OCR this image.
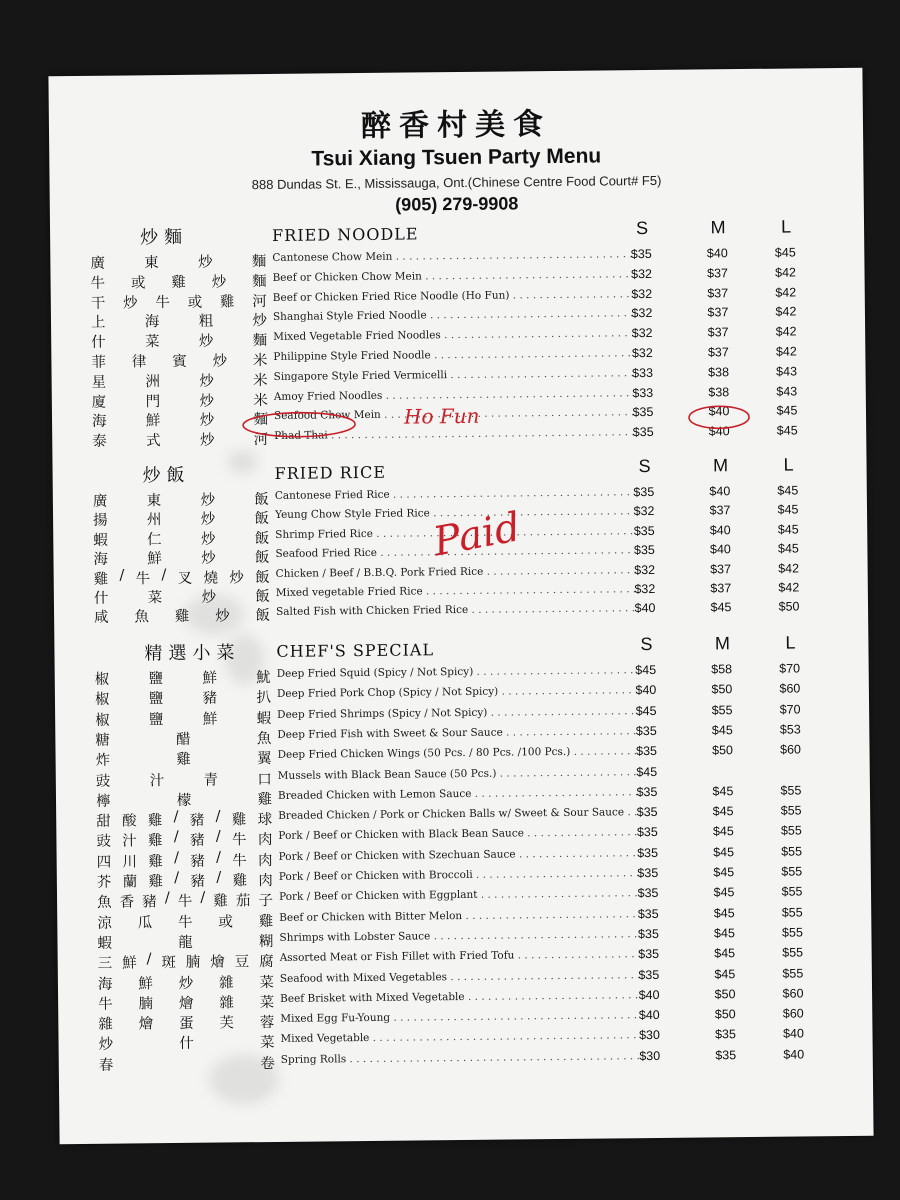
醉香村美食
Tsui Xiang Tsuen Party Menu
888 Dundas St. E., Mississauga, Ont.(Chinese Centre Food Court# F5)
(905) 279-9908
炒麵	FRIED NOODLE	S	M	L
廣	東	炒	麵 Cantonese Chow Mein . . .	$35	$40	$45
牛 或 雞 炒 麵 Beef or Chicken Chow Mein . . .	$32	$37	$42
干 炒 牛 或 雞 河 Beef or Chicken Fried Rice Noodle (Ho Fun) . . .	$32	$37	$42
上	海	粗	炒 Shanghai Style Fried Noodle . . .	$32	$37	$42
什	菜	炒	麵 Mixed Vegetable Fried Noodles . . .	$32	$37	$42
菲 律 賓 炒 米 Philippine Style Fried Noodle . . .	$32	$37	$42
星	洲	炒	米 Singapore Style Fried Vermicelli . . .	$33	$38	$43
廈	門	炒	米 Amoy Fried Noodles . . .	$33	$38	$43
海	鮮	炒	麵 Seafood Chow Mein . . .	$35	$40	$45
泰	式	炒	河 Phad Thai . . .	$35	$40	$45
炒飯	FRIED RICE	S	M	L
廣	東	炒	飯 Cantonese Fried Rice . . .	$35	$40	$45
揚	州	炒	飯 Yeung Chow Style Fried Rice . . .	$32	$37	$45
蝦	仁	炒	飯 Shrimp Fried Rice . . .	$35	$40	$45
海	鮮	炒	飯 Seafood Fried Rice . . .	$35	$40	$45
雞 / 牛 / 叉 燒 炒 飯 Chicken / Beef / B.B.Q. Pork Fried Rice . . .	$32	$37	$42
什	菜	炒	飯 Mixed vegetable Fried Rice . . .	$32	$37	$42
咸 魚 雞 炒 飯 Salted Fish with Chicken Fried Rice . . .	$40	$45	$50
精選小菜 CHEF'S SPECIAL	S	M	L
椒	鹽	鮮	魷 Deep Fried Squid (Spicy / Not Spicy) . . .	$45	$58	$70
椒	鹽	豬	扒 Deep Fried Pork Chop (Spicy / Not Spicy) . . .	$40	$50	$60
椒	鹽	鮮	蝦 Deep Fried Shrimps (Spicy / Not Spicy) . . .	$45	$55	$70
糖	醋	魚 Deep Fried Fish with Sweet & Sour Sauce . . .	$35	$45	$53
炸	雞	翼 Deep Fried Chicken Wings (50 Pcs. / 80 Pcs. /100 Pcs.) . . .	$35	$50	$60
豉	汁	青	口 Mussels with Black Bean Sauce (50 Pcs.) . . .	$45
檸	檬	雞 Breaded Chicken with Lemon Sauce . . .	$35	$45	$55
甜 酸 雞 / 豬 / 雞 球 Breaded Chicken / Pork or Chicken Balls w/ Sweet & Sour Sauce . . . $35	$45	$55
豉 汁 雞 / 豬 / 牛 肉 Pork / Beef or Chicken with Black Bean Sauce . . .	$35	$45	$55
四 川 雞 / 豬 / 牛 肉 Pork / Beef or Chicken with Szechuan Sauce . . .	$35	$45	$55
芥 蘭 雞 / 豬 / 雞 肉 Pork / Beef or Chicken with Broccoli . . .	$35	$45	$55
魚 香 豬 / 牛 / 雞 茄 子 Pork / Beef or Chicken with Eggplant . . .	$35	$45	$55
涼 瓜 牛 或 雞 Beef or Chicken with Bitter Melon . . .	$35	$45	$55
蝦	龍	糊 Shrimps with Lobster Sauce . . .	$35	$45	$55
三 鮮 / 斑 腩 燴 豆 腐 Assorted Meat or Fish Fillet with Fried Tofu . . .	$35	$45	$55
海 鮮 炒 雜 菜 Seafood with Mixed Vegetables . . .	$35	$45	$55
牛 腩 燴 雜 菜 Beef Brisket with Mixed Vegetable . . .	$40	$50	$60
雜 燴 蛋 芙 蓉 Mixed Egg Fu-Young . . .	$40	$50	$60
炒	什	菜 Mixed Vegetable . . .	$30	$35	$40
春	卷 Spring Rolls . . .	$30	$35	$40
Ho Fun
Paid
